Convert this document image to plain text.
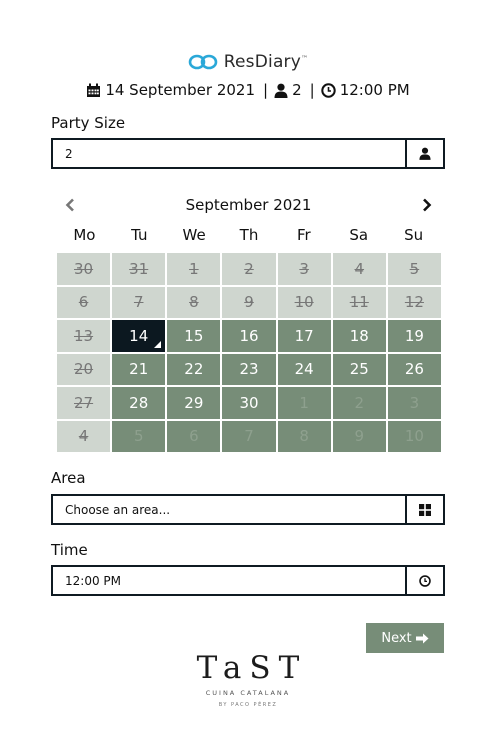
ResDiary™
14 September 2021 | 2 | 12:00 PM
Party Size
2
September 2021
Mo	Tu	We	Th	Fr	Sa	Su
30	31	1	2	3	4	5
6	7	8	9	10	11	12
13	14	15	16	17	18	19
20	21	22	23	24	25	26
27	28	29	30	1	2	3
4	5	6	7	8	9	10
Area
Choose an area...
Time
12:00 PM
Next
TaST
CUINA CATALANA
BY PACO PÉREZ
